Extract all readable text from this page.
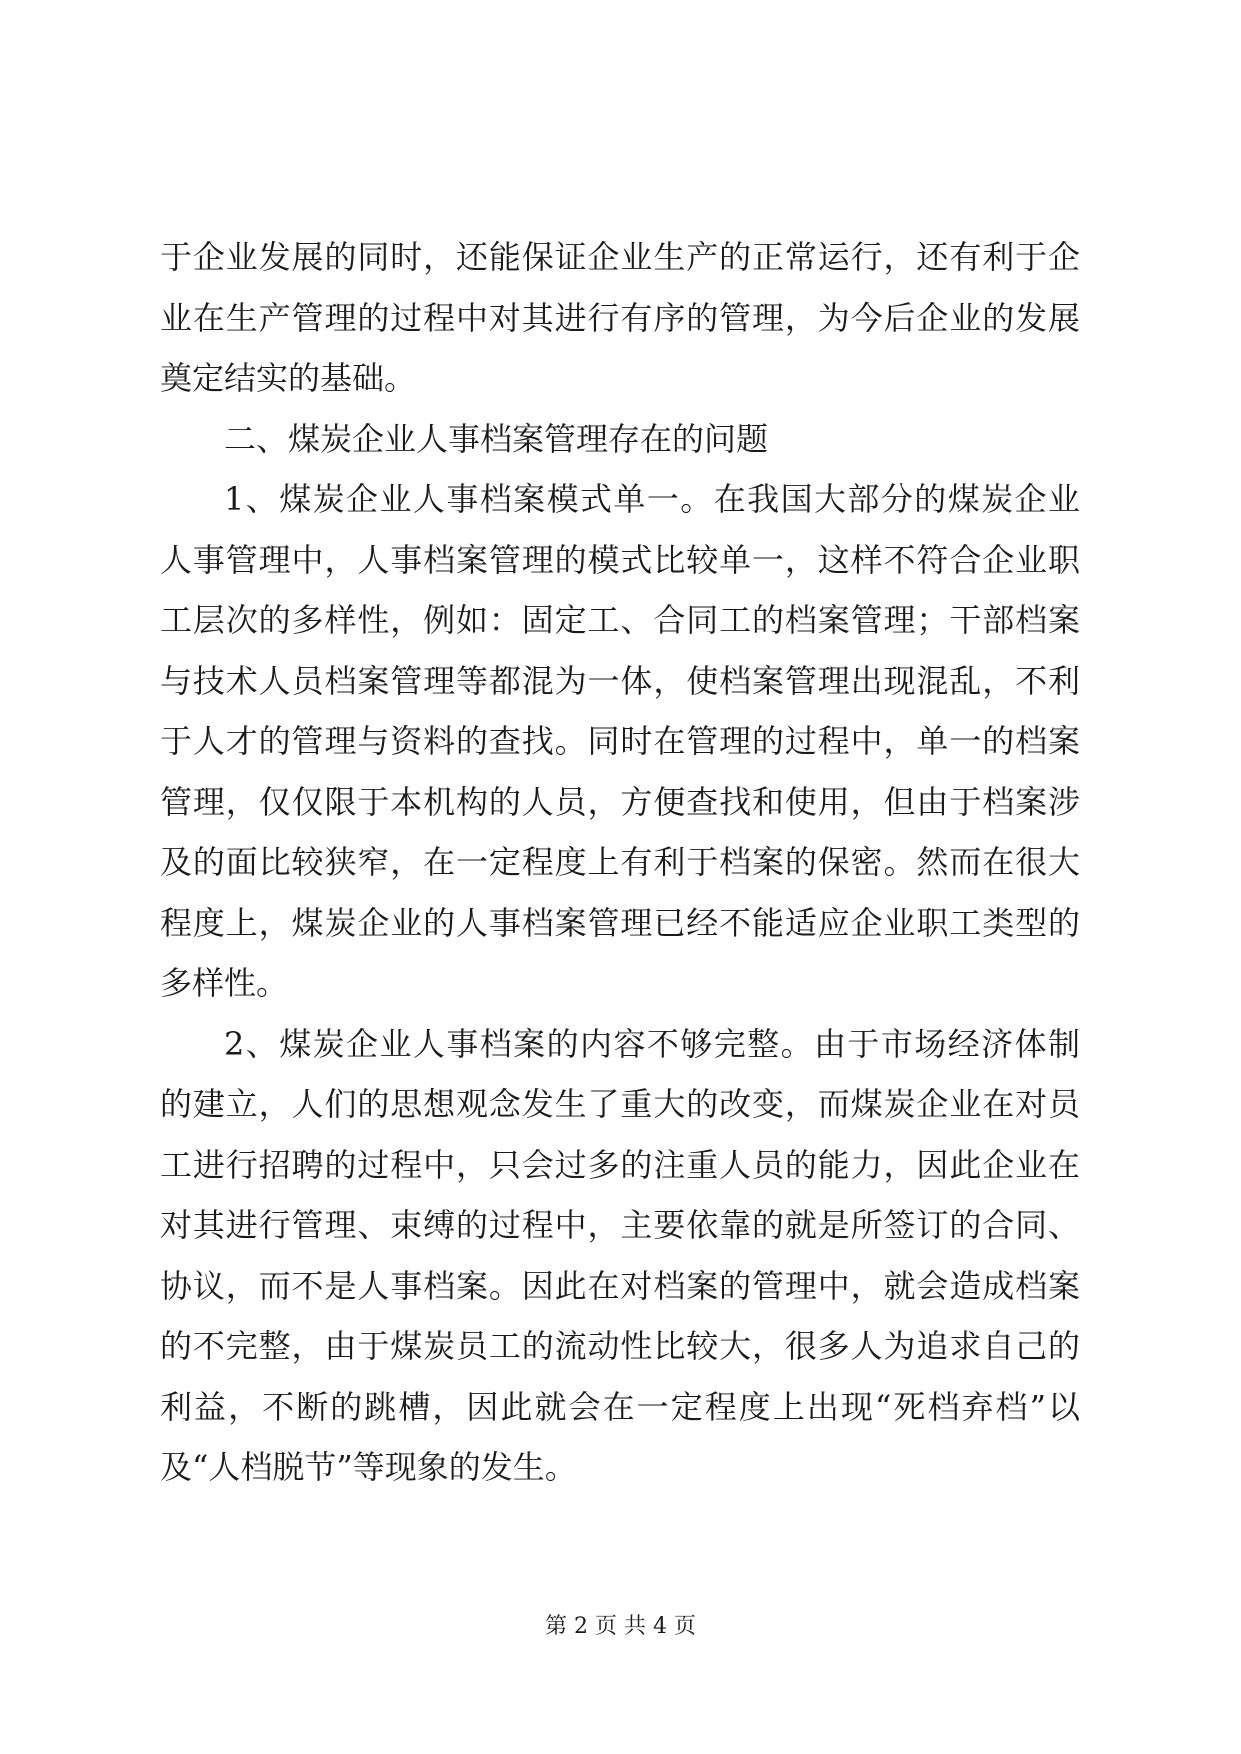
于企业发展的同时，还能保证企业生产的正常运行，还有利于企
业在生产管理的过程中对其进行有序的管理，为今后企业的发展
奠定结实的基础。
二、煤炭企业人事档案管理存在的问题
1、煤炭企业人事档案模式单一。在我国大部分的煤炭企业
人事管理中，人事档案管理的模式比较单一，这样不符合企业职
工层次的多样性，例如：固定工、合同工的档案管理；干部档案
与技术人员档案管理等都混为一体，使档案管理出现混乱，不利
于人才的管理与资料的查找。同时在管理的过程中，单一的档案
管理，仅仅限于本机构的人员，方便查找和使用，但由于档案涉
及的面比较狭窄，在一定程度上有利于档案的保密。然而在很大
程度上，煤炭企业的人事档案管理已经不能适应企业职工类型的
多样性。
2、煤炭企业人事档案的内容不够完整。由于市场经济体制
的建立，人们的思想观念发生了重大的改变，而煤炭企业在对员
工进行招聘的过程中，只会过多的注重人员的能力，因此企业在
对其进行管理、束缚的过程中，主要依靠的就是所签订的合同、
协议，而不是人事档案。因此在对档案的管理中，就会造成档案
的不完整，由于煤炭员工的流动性比较大，很多人为追求自己的
利益，不断的跳槽，因此就会在一定程度上出现“死档弃档”以
及“人档脱节”等现象的发生。
第 2 页 共 4 页
